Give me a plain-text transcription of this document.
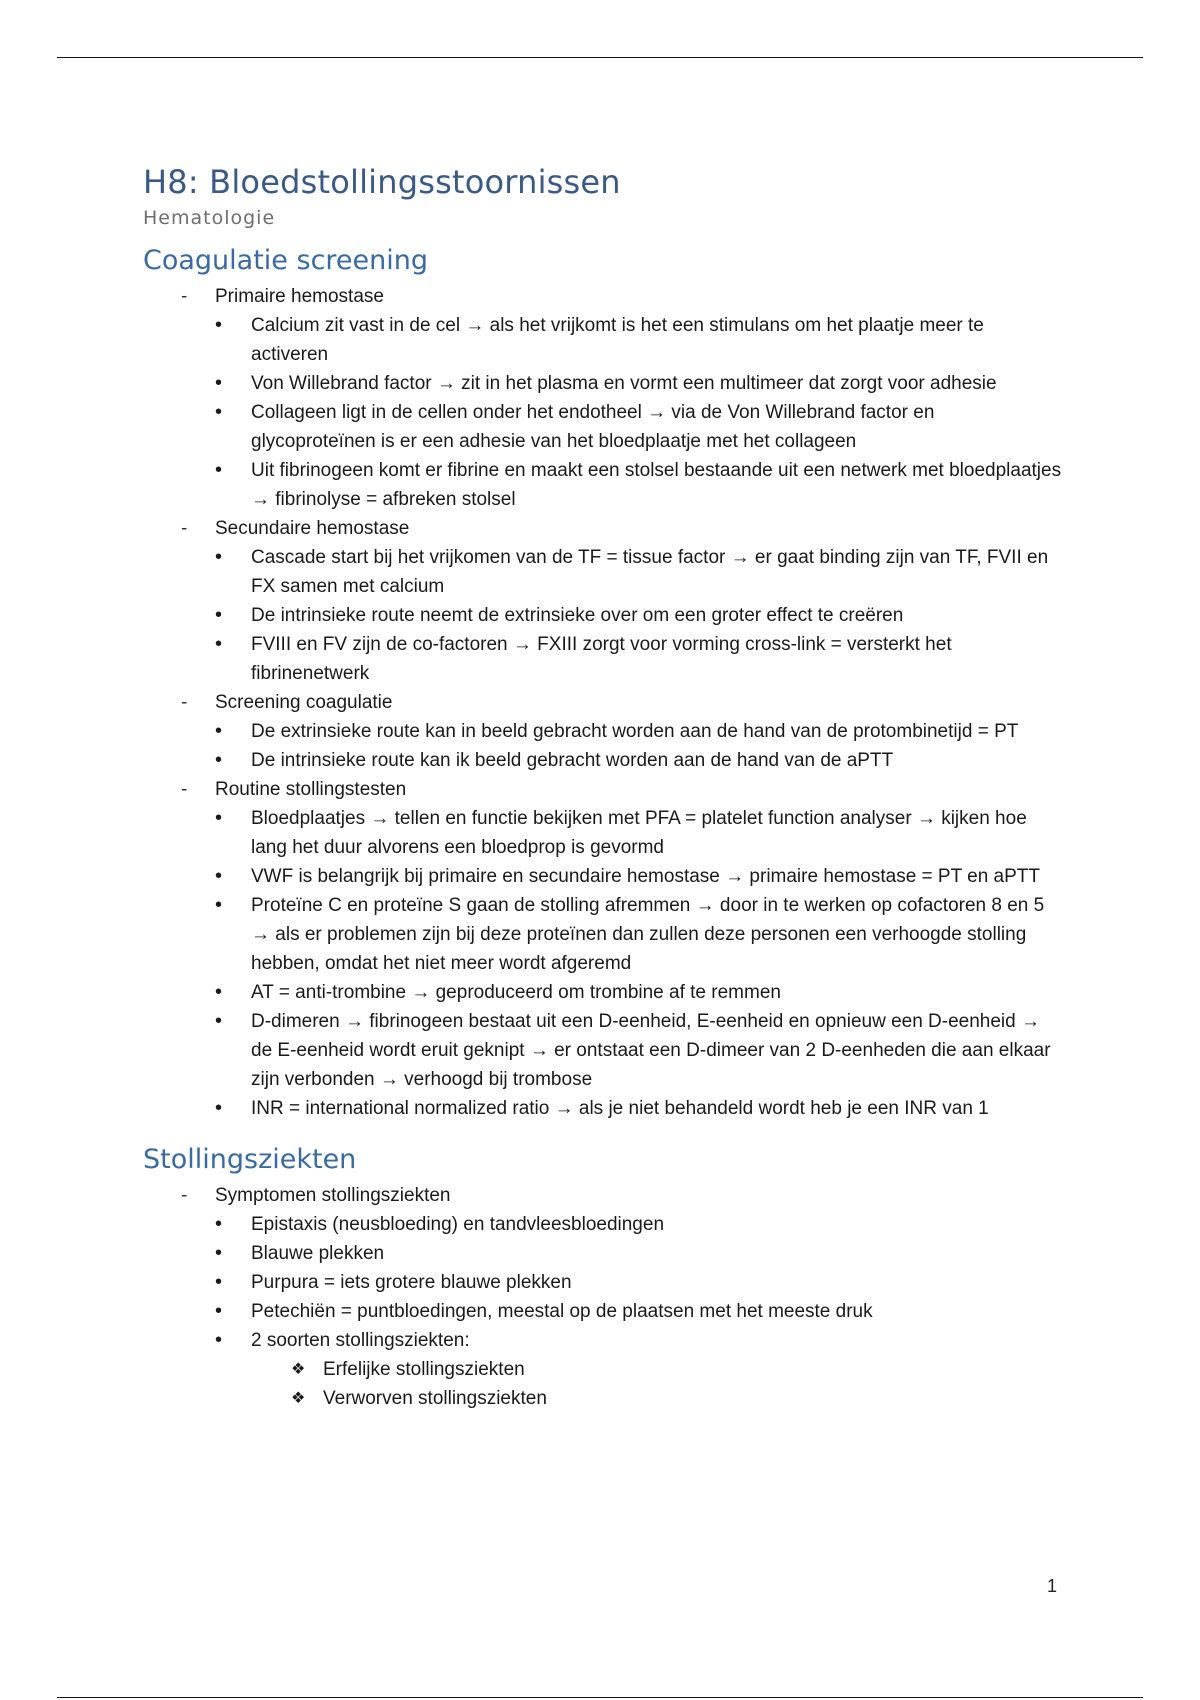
H8: Bloedstollingsstoornissen
Hematologie
Coagulatie screening
- Primaire hemostase
• Calcium zit vast in de cel → als het vrijkomt is het een stimulans om het plaatje meer te activeren
• Von Willebrand factor → zit in het plasma en vormt een multimeer dat zorgt voor adhesie
• Collageen ligt in de cellen onder het endotheel → via de Von Willebrand factor en glycoproteïnen is er een adhesie van het bloedplaatje met het collageen
• Uit fibrinogeen komt er fibrine en maakt een stolsel bestaande uit een netwerk met bloedplaatjes → fibrinolyse = afbreken stolsel
- Secundaire hemostase
• Cascade start bij het vrijkomen van de TF = tissue factor → er gaat binding zijn van TF, FVII en FX samen met calcium
• De intrinsieke route neemt de extrinsieke over om een groter effect te creëren
• FVIII en FV zijn de co-factoren → FXIII zorgt voor vorming cross-link = versterkt het fibrinenetwerk
- Screening coagulatie
• De extrinsieke route kan in beeld gebracht worden aan de hand van de protombinetijd = PT
• De intrinsieke route kan ik beeld gebracht worden aan de hand van de aPTT
- Routine stollingstesten
• Bloedplaatjes → tellen en functie bekijken met PFA = platelet function analyser → kijken hoe lang het duur alvorens een bloedprop is gevormd
• VWF is belangrijk bij primaire en secundaire hemostase → primaire hemostase = PT en aPTT
• Proteïne C en proteïne S gaan de stolling afremmen → door in te werken op cofactoren 8 en 5 → als er problemen zijn bij deze proteïnen dan zullen deze personen een verhoogde stolling hebben, omdat het niet meer wordt afgeremd
• AT = anti-trombine → geproduceerd om trombine af te remmen
• D-dimeren → fibrinogeen bestaat uit een D-eenheid, E-eenheid en opnieuw een D-eenheid → de E-eenheid wordt eruit geknipt → er ontstaat een D-dimeer van 2 D-eenheden die aan elkaar zijn verbonden → verhoogd bij trombose
• INR = international normalized ratio → als je niet behandeld wordt heb je een INR van 1
Stollingsziekten
- Symptomen stollingsziekten
• Epistaxis (neusbloeding) en tandvleesbloedingen
• Blauwe plekken
• Purpura = iets grotere blauwe plekken
• Petechiën = puntbloedingen, meestal op de plaatsen met het meeste druk
• 2 soorten stollingsziekten:
❖ Erfelijke stollingsziekten
❖ Verworven stollingsziekten
1
